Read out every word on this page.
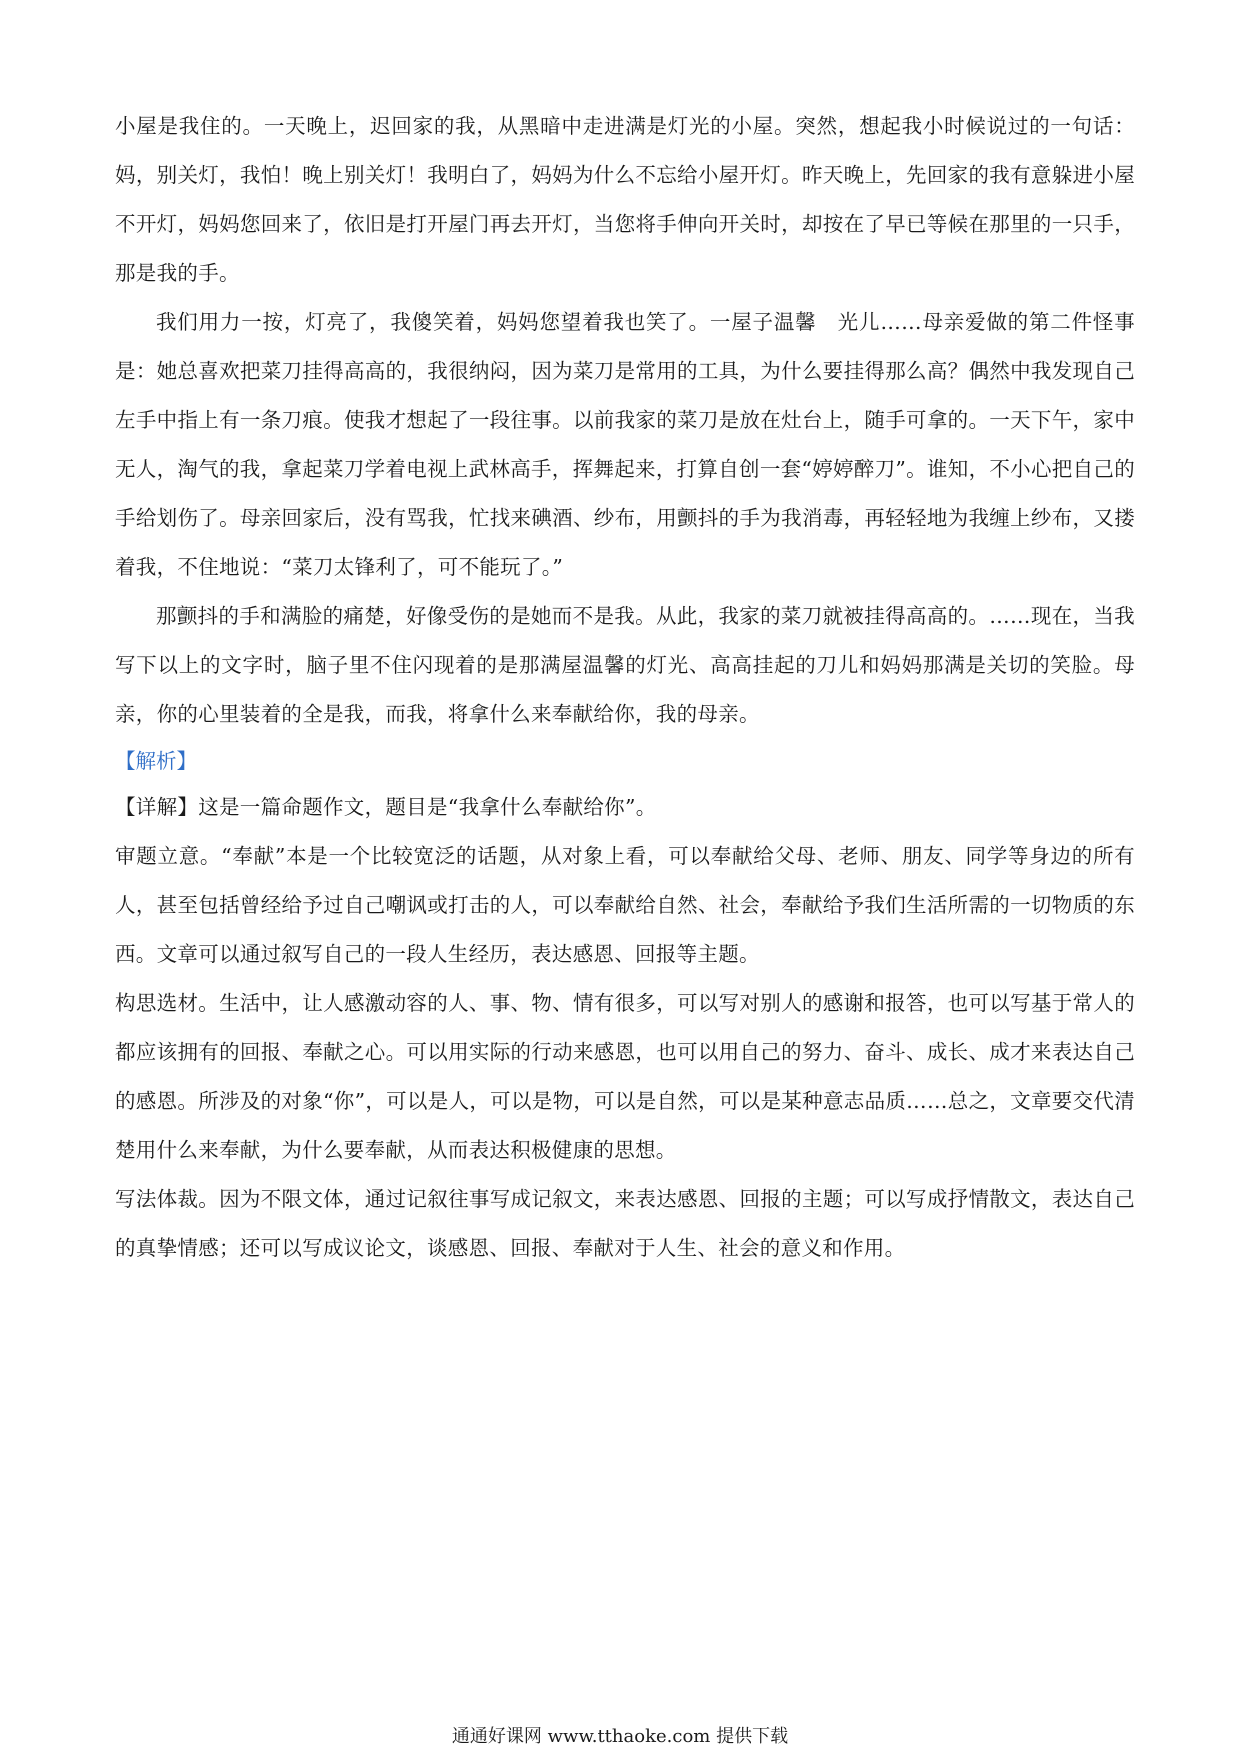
小屋是我住的。一天晚上，迟回家的我，从黑暗中走进满是灯光的小屋。突然，想起我小时候说过的一句话：妈，别关灯，我怕！晚上别关灯！我明白了，妈妈为什么不忘给小屋开灯。昨天晚上，先回家的我有意躲进小屋不开灯，妈妈您回来了，依旧是打开屋门再去开灯，当您将手伸向开关时，却按在了早已等候在那里的一只手，那是我的手。

我们用力一按，灯亮了，我傻笑着，妈妈您望着我也笑了。一屋子温馨　光儿……母亲爱做的第二件怪事是：她总喜欢把菜刀挂得高高的，我很纳闷，因为菜刀是常用的工具，为什么要挂得那么高？偶然中我发现自己左手中指上有一条刀痕。使我才想起了一段往事。以前我家的菜刀是放在灶台上，随手可拿的。一天下午，家中无人，淘气的我，拿起菜刀学着电视上武林高手，挥舞起来，打算自创一套“婷婷醉刀”。谁知，不小心把自己的手给划伤了。母亲回家后，没有骂我，忙找来碘酒、纱布，用颤抖的手为我消毒，再轻轻地为我缠上纱布，又搂着我，不住地说：“菜刀太锋利了，可不能玩了。”

那颤抖的手和满脸的痛楚，好像受伤的是她而不是我。从此，我家的菜刀就被挂得高高的。……现在，当我写下以上的文字时，脑子里不住闪现着的是那满屋温馨的灯光、高高挂起的刀儿和妈妈那满是关切的笑脸。母亲，你的心里装着的全是我，而我，将拿什么来奉献给你，我的母亲。

【解析】

【详解】这是一篇命题作文，题目是“我拿什么奉献给你”。

审题立意。“奉献”本是一个比较宽泛的话题，从对象上看，可以奉献给父母、老师、朋友、同学等身边的所有人，甚至包括曾经给予过自己嘲讽或打击的人，可以奉献给自然、社会，奉献给予我们生活所需的一切物质的东西。文章可以通过叙写自己的一段人生经历，表达感恩、回报等主题。

构思选材。生活中，让人感激动容的人、事、物、情有很多，可以写对别人的感谢和报答，也可以写基于常人的都应该拥有的回报、奉献之心。可以用实际的行动来感恩，也可以用自己的努力、奋斗、成长、成才来表达自己的感恩。所涉及的对象“你”，可以是人，可以是物，可以是自然，可以是某种意志品质……总之，文章要交代清楚用什么来奉献，为什么要奉献，从而表达积极健康的思想。

写法体裁。因为不限文体，通过记叙往事写成记叙文，来表达感恩、回报的主题；可以写成抒情散文，表达自己的真挚情感；还可以写成议论文，谈感恩、回报、奉献对于人生、社会的意义和作用。

通通好课网 www.tthaoke.com 提供下载
